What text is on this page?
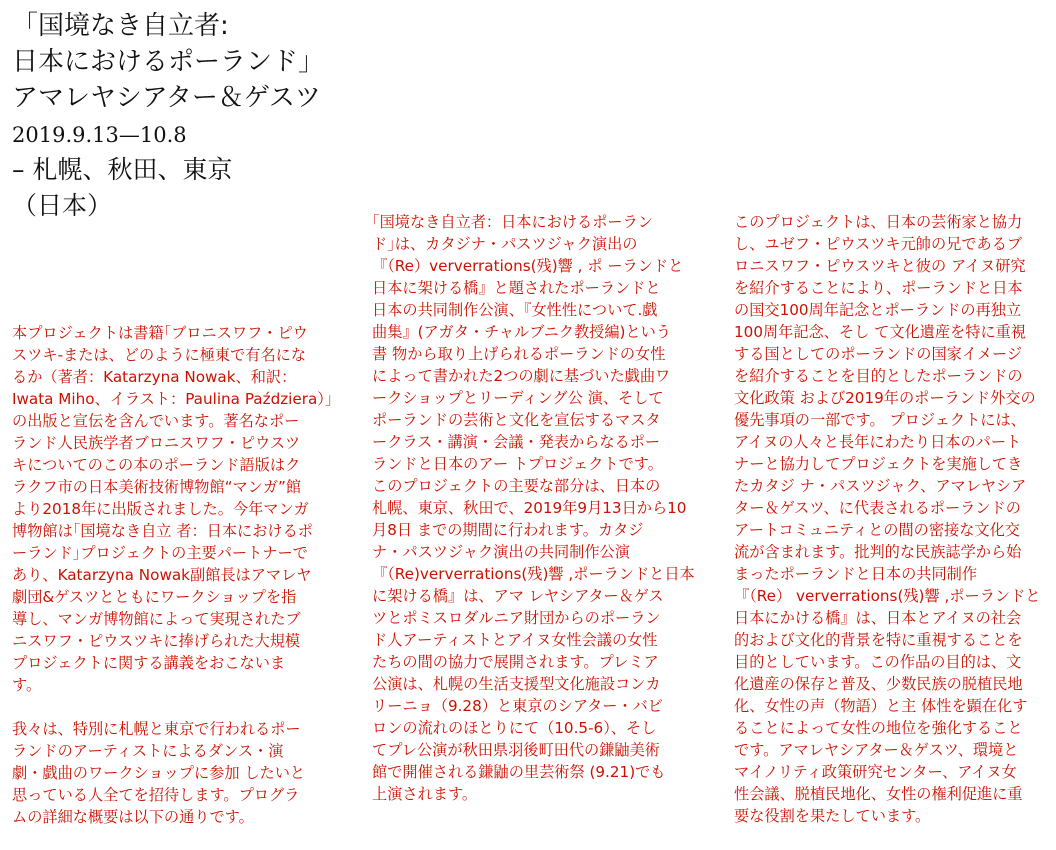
「国境なき自立者:
日本におけるポーランド」
アマレヤシアター＆ゲスツ
2019.9.13—10.8
– 札幌、秋田、東京
（日本）

本プロジェクトは書籍｢ブロニスワフ・ピウ
スツキ-または、どのように極東で有名にな
るか（著者：Katarzyna Nowak、和訳：
Iwata Miho、イラスト：Paulina Paździera）」
の出版と宣伝を含んでいます。著名なポー
ランド人民族学者ブロニスワフ・ピウスツ
キについてのこの本のポーランド語版はク
ラクフ市の日本美術技術博物館“マンガ”館
より2018年に出版されました。今年マンガ
博物館は｢国境なき自立 者：日本におけるポ
ーランド｣プロジェクトの主要パートナーで
あり、Katarzyna Nowak副館長はアマレヤ
劇団&ゲスツとともにワークショップを指
導し、マンガ博物館によって実現されたブ
ニスワフ・ピウスツキに捧げられた大規模
プロジェクトに関する講義をおこないま
す。

我々は、特別に札幌と東京で行われるポー
ランドのアーティストによるダンス・演
劇・戯曲のワークショップに参加 したいと
思っている人全てを招待します。プログラ
ムの詳細な概要は以下の通りです。

｢国境なき自立者：日本におけるポーラン
ド｣は、カタジナ・パスツジャク演出の
『（Re）ververrations(残)響 , ポ ーランドと
日本に架ける橋』と題されたポーランドと
日本の共同制作公演、『女性性について.戯
曲集』(アガタ・チャルブニク教授編)という
書 物から取り上げられるポーランドの女性
によって書かれた2つの劇に基づいた戯曲ワ
ークショップとリーディング公 演、そして
ポーランドの芸術と文化を宣伝するマスタ
ークラス・講演・会議・発表からなるポー
ランドと日本のアー トプロジェクトです。
このプロジェクトの主要な部分は、日本の
札幌、東京、秋田で、2019年9月13日から10
月8日 までの期間に行われます。カタジ
ナ・パスツジャク演出の共同制作公演
『（Re)ververrations(残)響 ,ポーランドと日本
に架ける橋』は、アマ レヤシアター＆ゲス
ツとポミスロダルニア財団からのポーラン
ド人アーティストとアイヌ女性会議の女性
たちの間の協力で展開されます。プレミア
公演は、札幌の生活支援型文化施設コンカ
リーニョ（9.28）と東京のシアター・バビ
ロンの流れのほとりにて（10.5-6）、そし
てプレ公演が秋田県羽後町田代の鎌鼬美術
館で開催される鎌鼬の里芸術祭 (9.21)でも
上演されます。

このプロジェクトは、日本の芸術家と協力
し、ユゼフ・ピウスツキ元帥の兄であるブ
ロニスワフ・ピウスツキと彼の アイヌ研究
を紹介することにより、ポーランドと日本
の国交100周年記念とポーランドの再独立
100周年記念、そし て文化遺産を特に重視
する国としてのポーランドの国家イメージ
を紹介することを目的としたポーランドの
文化政策 および2019年のポーランド外交の
優先事項の一部です。 プロジェクトには、
アイヌの人々と長年にわたり日本のパート
ナーと協力してプロジェクトを実施してき
たカタジ ナ・パスツジャク、アマレヤシア
ター＆ゲスツ、に代表されるポーランドの
アートコミュニティとの間の密接な文化交
流が含まれます。批判的な民族誌学から始
まったポーランドと日本の共同制作
『（Re） ververrations(残)響 ,ポーランドと
日本にかける橋』は、日本とアイヌの社会
的および文化的背景を特に重視することを
目的としています。この作品の目的は、文
化遺産の保存と普及、少数民族の脱植民地
化、女性の声（物語）と主 体性を顕在化す
ることによって女性の地位を強化すること
です。アマレヤシアター＆ゲスツ、環境と
マイノリティ政策研究センター、アイヌ女
性会議、脱植民地化、女性の権利促進に重
要な役割を果たしています。
